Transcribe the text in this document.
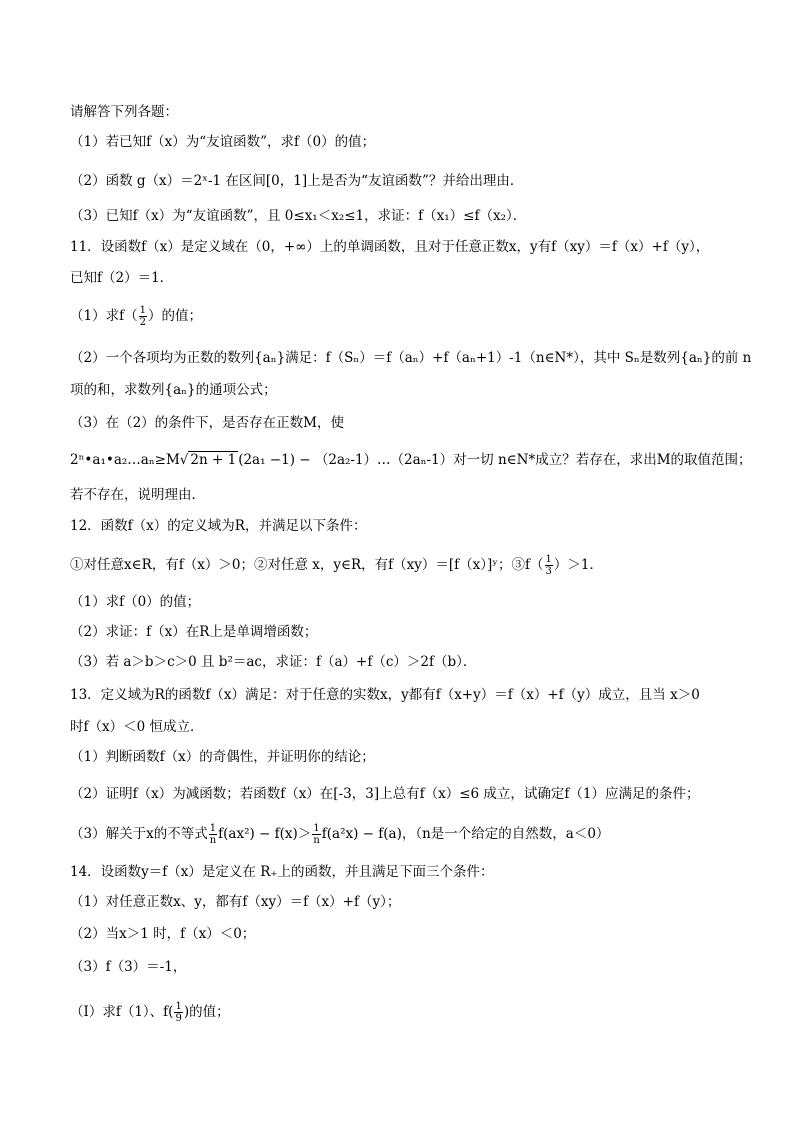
请解答下列各题：
（1）若已知f（x）为“友谊函数”，求f（0）的值；
（2）函数 g（x）＝2ˣ-1 在区间[0，1]上是否为“友谊函数”？并给出理由．
（3）已知f（x）为“友谊函数”，且 0≤x₁＜x₂≤1，求证：f（x₁）≤f（x₂）．
11．设函数f（x）是定义域在（0，+∞）上的单调函数，且对于任意正数x，y有f（xy）＝f（x）+f（y），
已知f（2）＝1．
（1）求$f( \frac{1}{2}$ ）的值；
（2）一个各项均为正数的数列{aₙ}满足：f（Sₙ）＝f（aₙ）+f（aₙ+1）-1（n∈N*），其中 Sₙ是数列{aₙ}的前 n
项的和，求数列{aₙ}的通项公式；
（3）在（2）的条件下，是否存在正数M，使
2ⁿ•a₁•a₂…aₙ≥M√ 2n + 1 (2a₁ −1) − （2a₂-1）…（2aₙ-1）对一切 n∈N*成立？若存在，求出M的取值范围；
若不存在，说明理由．
12．函数f（x）的定义域为R，并满足以下条件：
①对任意x∈R，有f（x）＞0；②对任意 x，y∈R，有f（xy）＝[f（x）]ʸ；③f（ $\frac{1}{3} )>1$．
（1）求f（0）的值；
（2）求证：f（x）在R上是单调增函数；
（3）若 a＞b＞c＞0 且 b²＝ac，求证：f（a）+f（c）＞2f（b）．
13．定义域为R的函数f（x）满足：对于任意的实数x，y都有f（x+y）＝f（x）+f（y）成立，且当 x＞0
时f（x）＜0 恒成立．
（1）判断函数f（x）的奇偶性，并证明你的结论；
（2）证明f（x）为减函数；若函数f（x）在[-3，3]上总有f（x）≤6 成立，试确定f（1）应满足的条件；
（3）解关于x的不等式 $\frac{1}{n} f(ax^2) - f(x)> \frac{1}{n} f(a^2x) - f(a)$，（n是一个给定的自然数，a＜0）
14．设函数y＝f（x）是定义在 R₊上的函数，并且满足下面三个条件：
（1）对任意正数x、y，都有f（xy）＝f（x）+f（y）；
（2）当x＞1 时，f（x）＜0；
（3）f（3）＝-1，
（Ⅰ）求f（1）、$f( \frac{1}{9}$ )的值；
